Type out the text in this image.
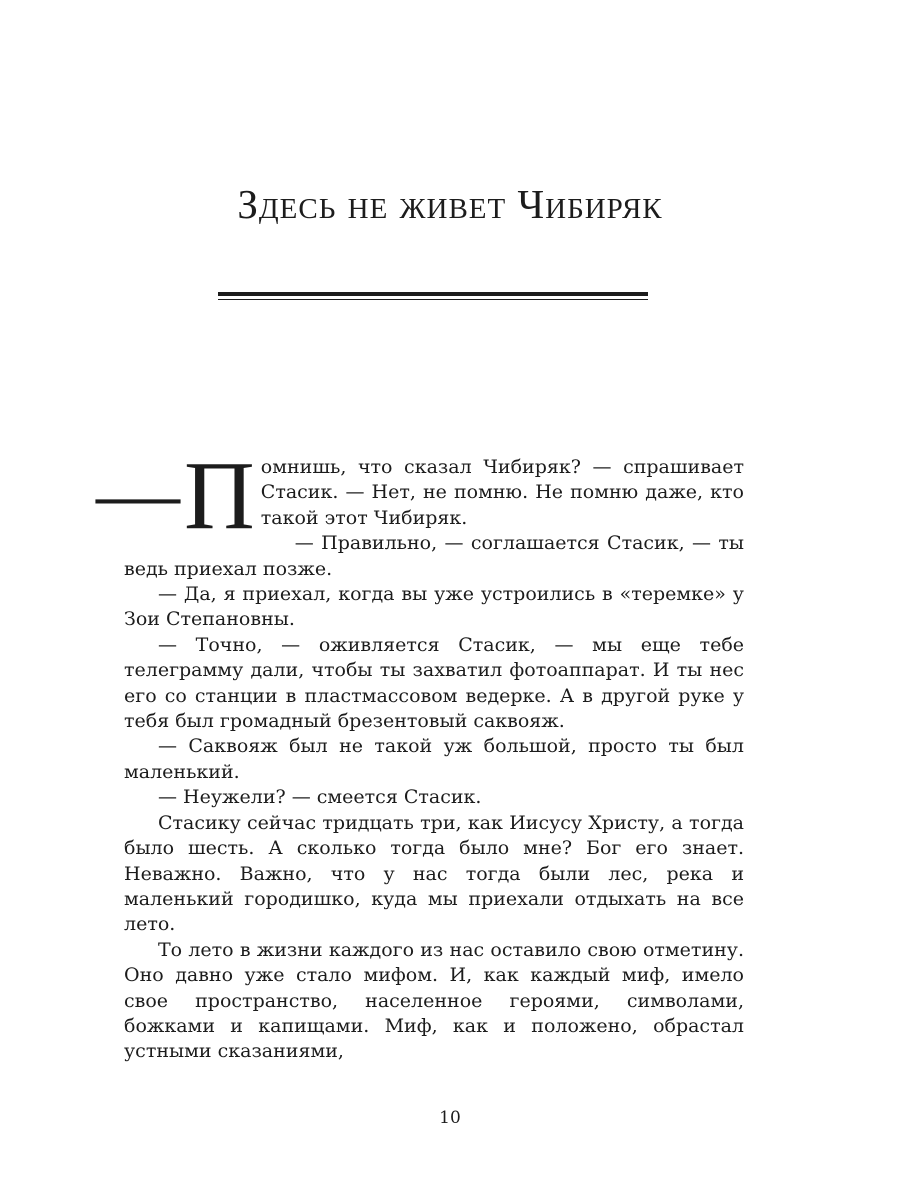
Здесь не живет Чибиряк

— П омнишь, что сказал Чибиряк? — спрашивает Стасик. — Нет, не помню. Не помню даже, кто такой этот Чибиряк.

— Правильно, — соглашается Стасик, — ты ведь приехал позже.

— Да, я приехал, когда вы уже устроились в «теремке» у Зои Степановны.

— Точно, — оживляется Стасик, — мы еще тебе телеграмму дали, чтобы ты захватил фотоаппарат. И ты нес его со станции в пластмассовом ведерке. А в другой руке у тебя был громадный брезентовый саквояж.

— Саквояж был не такой уж большой, просто ты был маленький.

— Неужели? — смеется Стасик.

Стасику сейчас тридцать три, как Иисусу Христу, а тогда было шесть. А сколько тогда было мне? Бог его знает. Неважно. Важно, что у нас тогда были лес, река и маленький городишко, куда мы приехали отдыхать на все лето.

То лето в жизни каждого из нас оставило свою отметину. Оно давно уже стало мифом. И, как каждый миф, имело свое пространство, населенное героями, символами, божками и капищами. Миф, как и положено, обрастал устными сказаниями,

10
